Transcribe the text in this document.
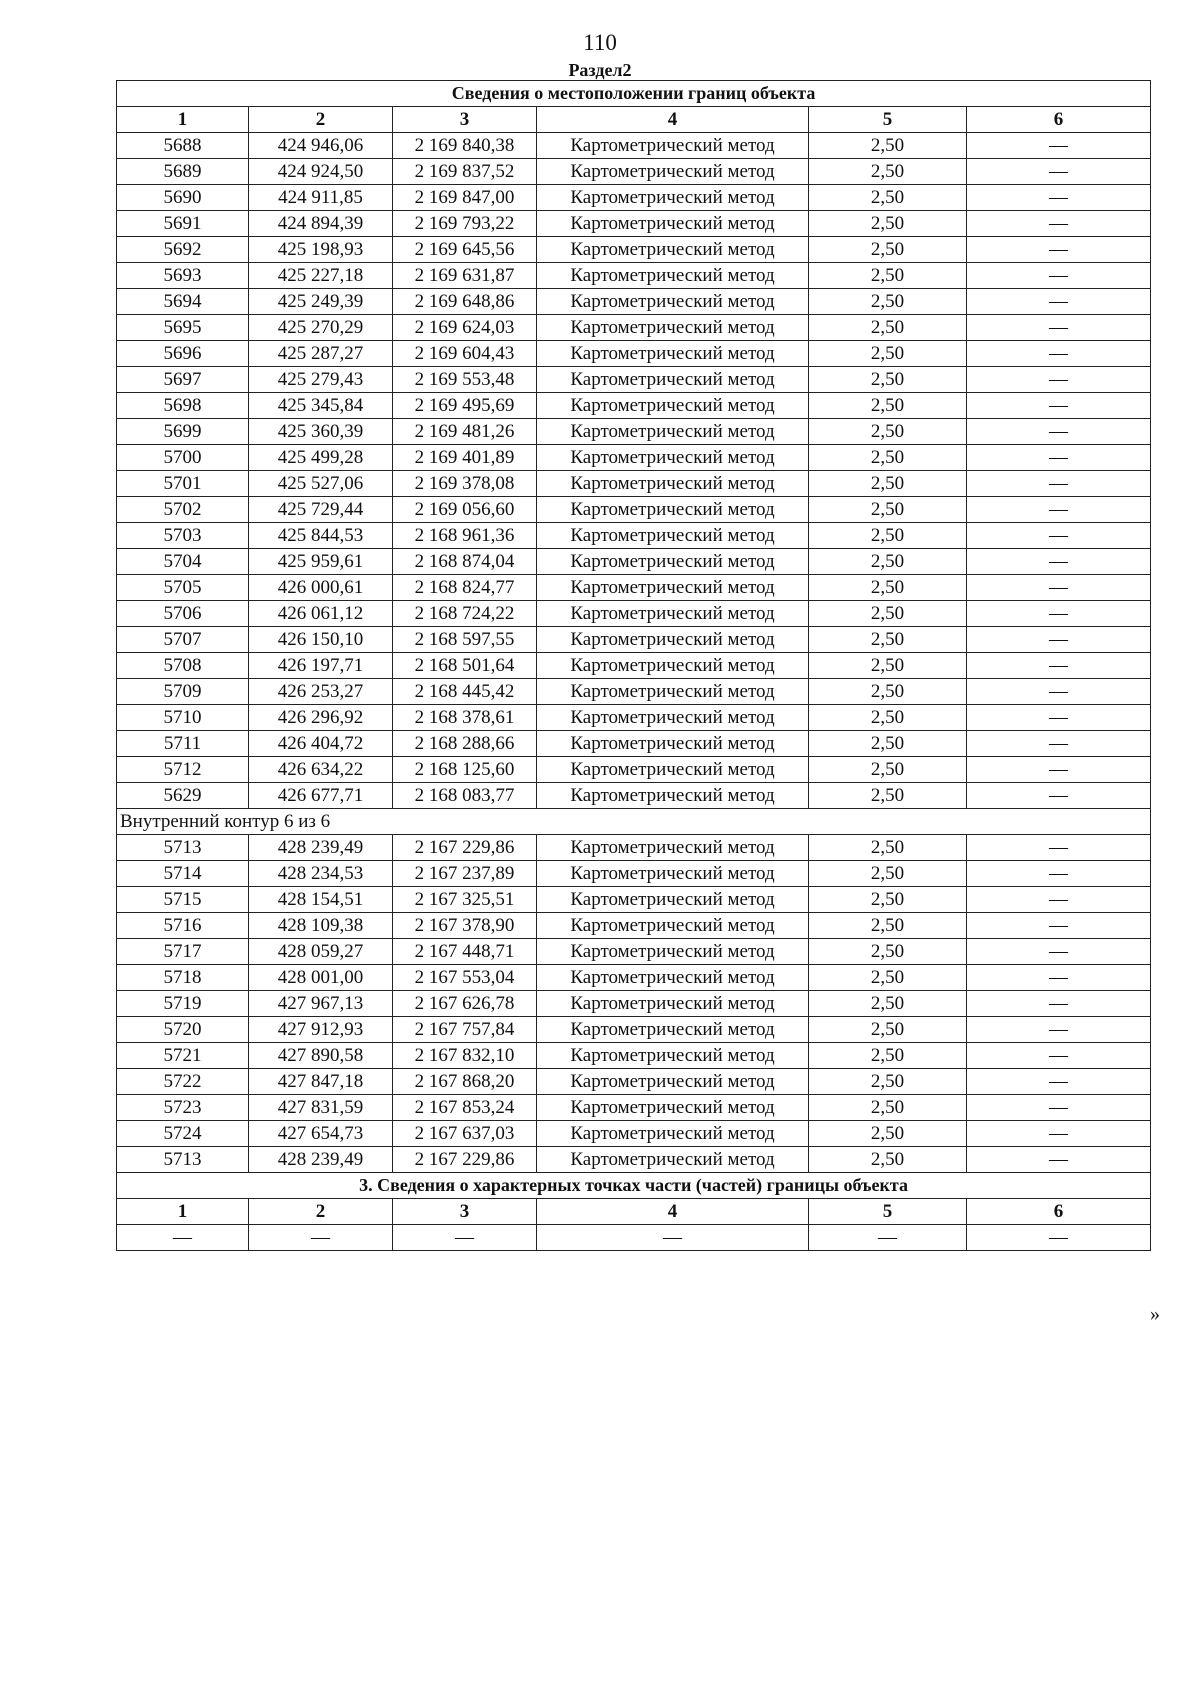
110
Раздел2
Сведения о местоположении границ объекта					
1	2	3	4	5	6
5688	424 946,06	2 169 840,38	Картометрический метод	2,50	—
5689	424 924,50	2 169 837,52	Картометрический метод	2,50	—
5690	424 911,85	2 169 847,00	Картометрический метод	2,50	—
5691	424 894,39	2 169 793,22	Картометрический метод	2,50	—
5692	425 198,93	2 169 645,56	Картометрический метод	2,50	—
5693	425 227,18	2 169 631,87	Картометрический метод	2,50	—
5694	425 249,39	2 169 648,86	Картометрический метод	2,50	—
5695	425 270,29	2 169 624,03	Картометрический метод	2,50	—
5696	425 287,27	2 169 604,43	Картометрический метод	2,50	—
5697	425 279,43	2 169 553,48	Картометрический метод	2,50	—
5698	425 345,84	2 169 495,69	Картометрический метод	2,50	—
5699	425 360,39	2 169 481,26	Картометрический метод	2,50	—
5700	425 499,28	2 169 401,89	Картометрический метод	2,50	—
5701	425 527,06	2 169 378,08	Картометрический метод	2,50	—
5702	425 729,44	2 169 056,60	Картометрический метод	2,50	—
5703	425 844,53	2 168 961,36	Картометрический метод	2,50	—
5704	425 959,61	2 168 874,04	Картометрический метод	2,50	—
5705	426 000,61	2 168 824,77	Картометрический метод	2,50	—
5706	426 061,12	2 168 724,22	Картометрический метод	2,50	—
5707	426 150,10	2 168 597,55	Картометрический метод	2,50	—
5708	426 197,71	2 168 501,64	Картометрический метод	2,50	—
5709	426 253,27	2 168 445,42	Картометрический метод	2,50	—
5710	426 296,92	2 168 378,61	Картометрический метод	2,50	—
5711	426 404,72	2 168 288,66	Картометрический метод	2,50	—
5712	426 634,22	2 168 125,60	Картометрический метод	2,50	—
5629	426 677,71	2 168 083,77	Картометрический метод	2,50	—
Внутренний контур 6 из 6					
5713	428 239,49	2 167 229,86	Картометрический метод	2,50	—
5714	428 234,53	2 167 237,89	Картометрический метод	2,50	—
5715	428 154,51	2 167 325,51	Картометрический метод	2,50	—
5716	428 109,38	2 167 378,90	Картометрический метод	2,50	—
5717	428 059,27	2 167 448,71	Картометрический метод	2,50	—
5718	428 001,00	2 167 553,04	Картометрический метод	2,50	—
5719	427 967,13	2 167 626,78	Картометрический метод	2,50	—
5720	427 912,93	2 167 757,84	Картометрический метод	2,50	—
5721	427 890,58	2 167 832,10	Картометрический метод	2,50	—
5722	427 847,18	2 167 868,20	Картометрический метод	2,50	—
5723	427 831,59	2 167 853,24	Картометрический метод	2,50	—
5724	427 654,73	2 167 637,03	Картометрический метод	2,50	—
5713	428 239,49	2 167 229,86	Картометрический метод	2,50	—
3. Сведения о характерных точках части (частей) границы объекта					
1	2	3	4	5	6
—	—	—	—	—	—
»
